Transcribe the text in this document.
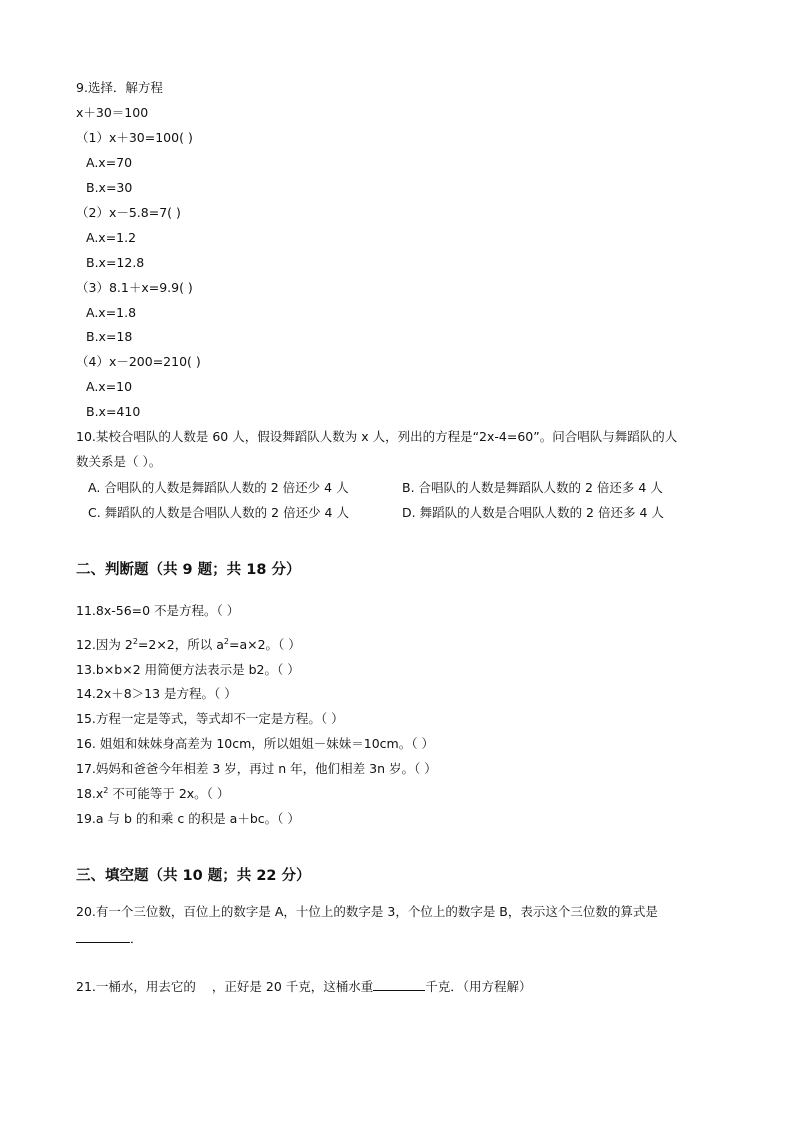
9.选择．解方程
x＋30＝100
（1）x＋30=100( )
A.x=70
B.x=30
（2）x－5.8=7( )
A.x=1.2
B.x=12.8
（3）8.1＋x=9.9( )
A.x=1.8
B.x=18
（4）x－200=210( )
A.x=10
B.x=410
10.某校合唱队的人数是 60 人，假设舞蹈队人数为 x 人，列出的方程是“2x-4=60”。问合唱队与舞蹈队的人
数关系是（ ）。
A. 合唱队的人数是舞蹈队人数的 2 倍还少 4 人	B. 合唱队的人数是舞蹈队人数的 2 倍还多 4 人
C. 舞蹈队的人数是合唱队人数的 2 倍还少 4 人	D. 舞蹈队的人数是合唱队人数的 2 倍还多 4 人
二、判断题（共 9 题；共 18 分）
11.8x-56=0 不是方程。（ ）
12.因为 $2^2=2\times 2$，所以 $a^2=a\times 2$。（ ）
13.b×b×2 用简便方法表示是 b2。（ ）
14.2x＋8＞13 是方程。（ ）
15.方程一定是等式，等式却不一定是方程。（ ）
16. 姐姐和妹妹身高差为 10cm，所以姐姐－妹妹＝10cm。（ ）
17.妈妈和爸爸今年相差 3 岁，再过 n 年，他们相差 3n 岁。（ ）
$18.x^2$ 不可能等于 2x。（ ）
19.a 与 b 的和乘 c 的积是 a＋bc。（ ）
三、填空题（共 10 题；共 22 分）
20.有一个三位数，百位上的数字是 A，十位上的数字是 3，个位上的数字是 B，表示这个三位数的算式是
．
21.一桶水，用去它的 ，正好是 20 千克，这桶水重	千克．（用方程解）
